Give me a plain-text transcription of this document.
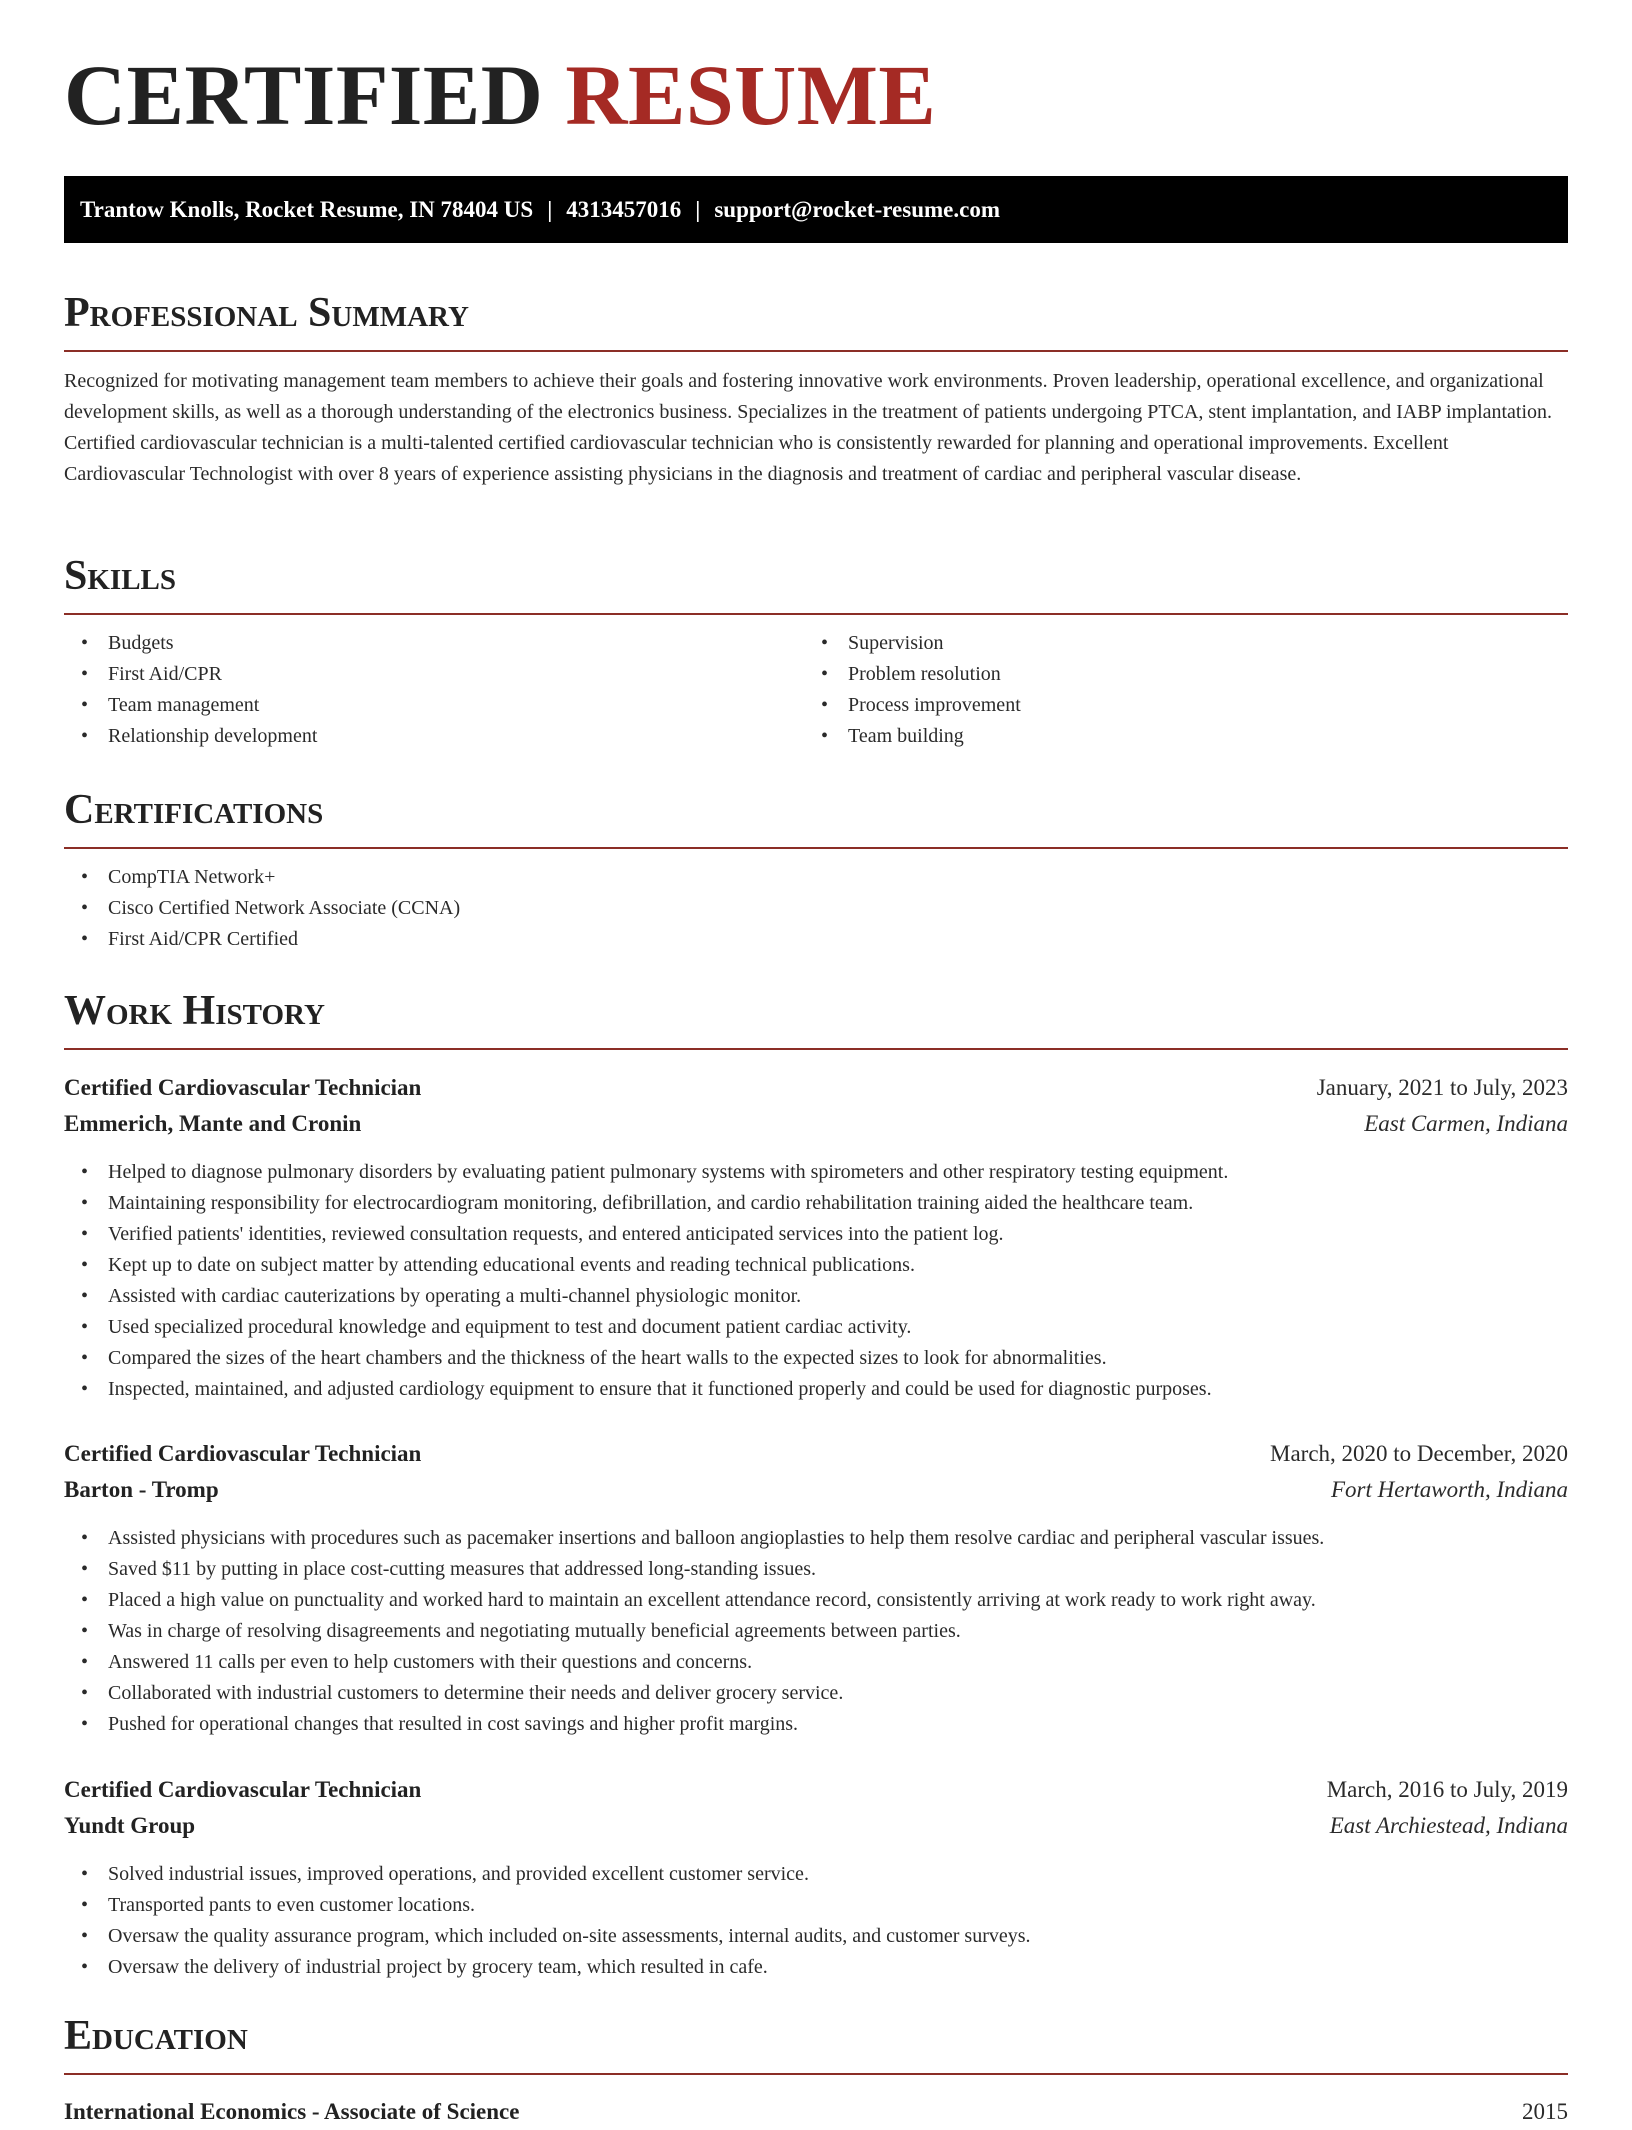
CERTIFIED RESUME
Trantow Knolls, Rocket Resume, IN 78404 US | 4313457016 | support@rocket-resume.com
Professional Summary

Recognized for motivating management team members to achieve their goals and fostering innovative work environments. Proven leadership, operational excellence, and organizational development skills, as well as a thorough understanding of the electronics business. Specializes in the treatment of patients undergoing PTCA, stent implantation, and IABP implantation. Certified cardiovascular technician is a multi-talented certified cardiovascular technician who is consistently rewarded for planning and operational improvements. Excellent Cardiovascular Technologist with over 8 years of experience assisting physicians in the diagnosis and treatment of cardiac and peripheral vascular disease.

Skills
• Budgets
• First Aid/CPR
• Team management
• Relationship development
• Supervision
• Problem resolution
• Process improvement
• Team building
Certifications
• CompTIA Network+
• Cisco Certified Network Associate (CCNA)
• First Aid/CPR Certified
Work History
Certified Cardiovascular Technician	January, 2021 to July, 2023
Emmerich, Mante and Cronin	East Carmen, Indiana
• Helped to diagnose pulmonary disorders by evaluating patient pulmonary systems with spirometers and other respiratory testing equipment.
• Maintaining responsibility for electrocardiogram monitoring, defibrillation, and cardio rehabilitation training aided the healthcare team.
• Verified patients' identities, reviewed consultation requests, and entered anticipated services into the patient log.
• Kept up to date on subject matter by attending educational events and reading technical publications.
• Assisted with cardiac cauterizations by operating a multi-channel physiologic monitor.
• Used specialized procedural knowledge and equipment to test and document patient cardiac activity.
• Compared the sizes of the heart chambers and the thickness of the heart walls to the expected sizes to look for abnormalities.
• Inspected, maintained, and adjusted cardiology equipment to ensure that it functioned properly and could be used for diagnostic purposes.
Certified Cardiovascular Technician	March, 2020 to December, 2020
Barton - Tromp	Fort Hertaworth, Indiana
• Assisted physicians with procedures such as pacemaker insertions and balloon angioplasties to help them resolve cardiac and peripheral vascular issues.
• Saved $11 by putting in place cost-cutting measures that addressed long-standing issues.
• Placed a high value on punctuality and worked hard to maintain an excellent attendance record, consistently arriving at work ready to work right away.
• Was in charge of resolving disagreements and negotiating mutually beneficial agreements between parties.
• Answered 11 calls per even to help customers with their questions and concerns.
• Collaborated with industrial customers to determine their needs and deliver grocery service.
• Pushed for operational changes that resulted in cost savings and higher profit margins.
Certified Cardiovascular Technician	March, 2016 to July, 2019
Yundt Group	East Archiestead, Indiana
• Solved industrial issues, improved operations, and provided excellent customer service.
• Transported pants to even customer locations.
• Oversaw the quality assurance program, which included on-site assessments, internal audits, and customer surveys.
• Oversaw the delivery of industrial project by grocery team, which resulted in cafe.
Education
International Economics - Associate of Science	2015
